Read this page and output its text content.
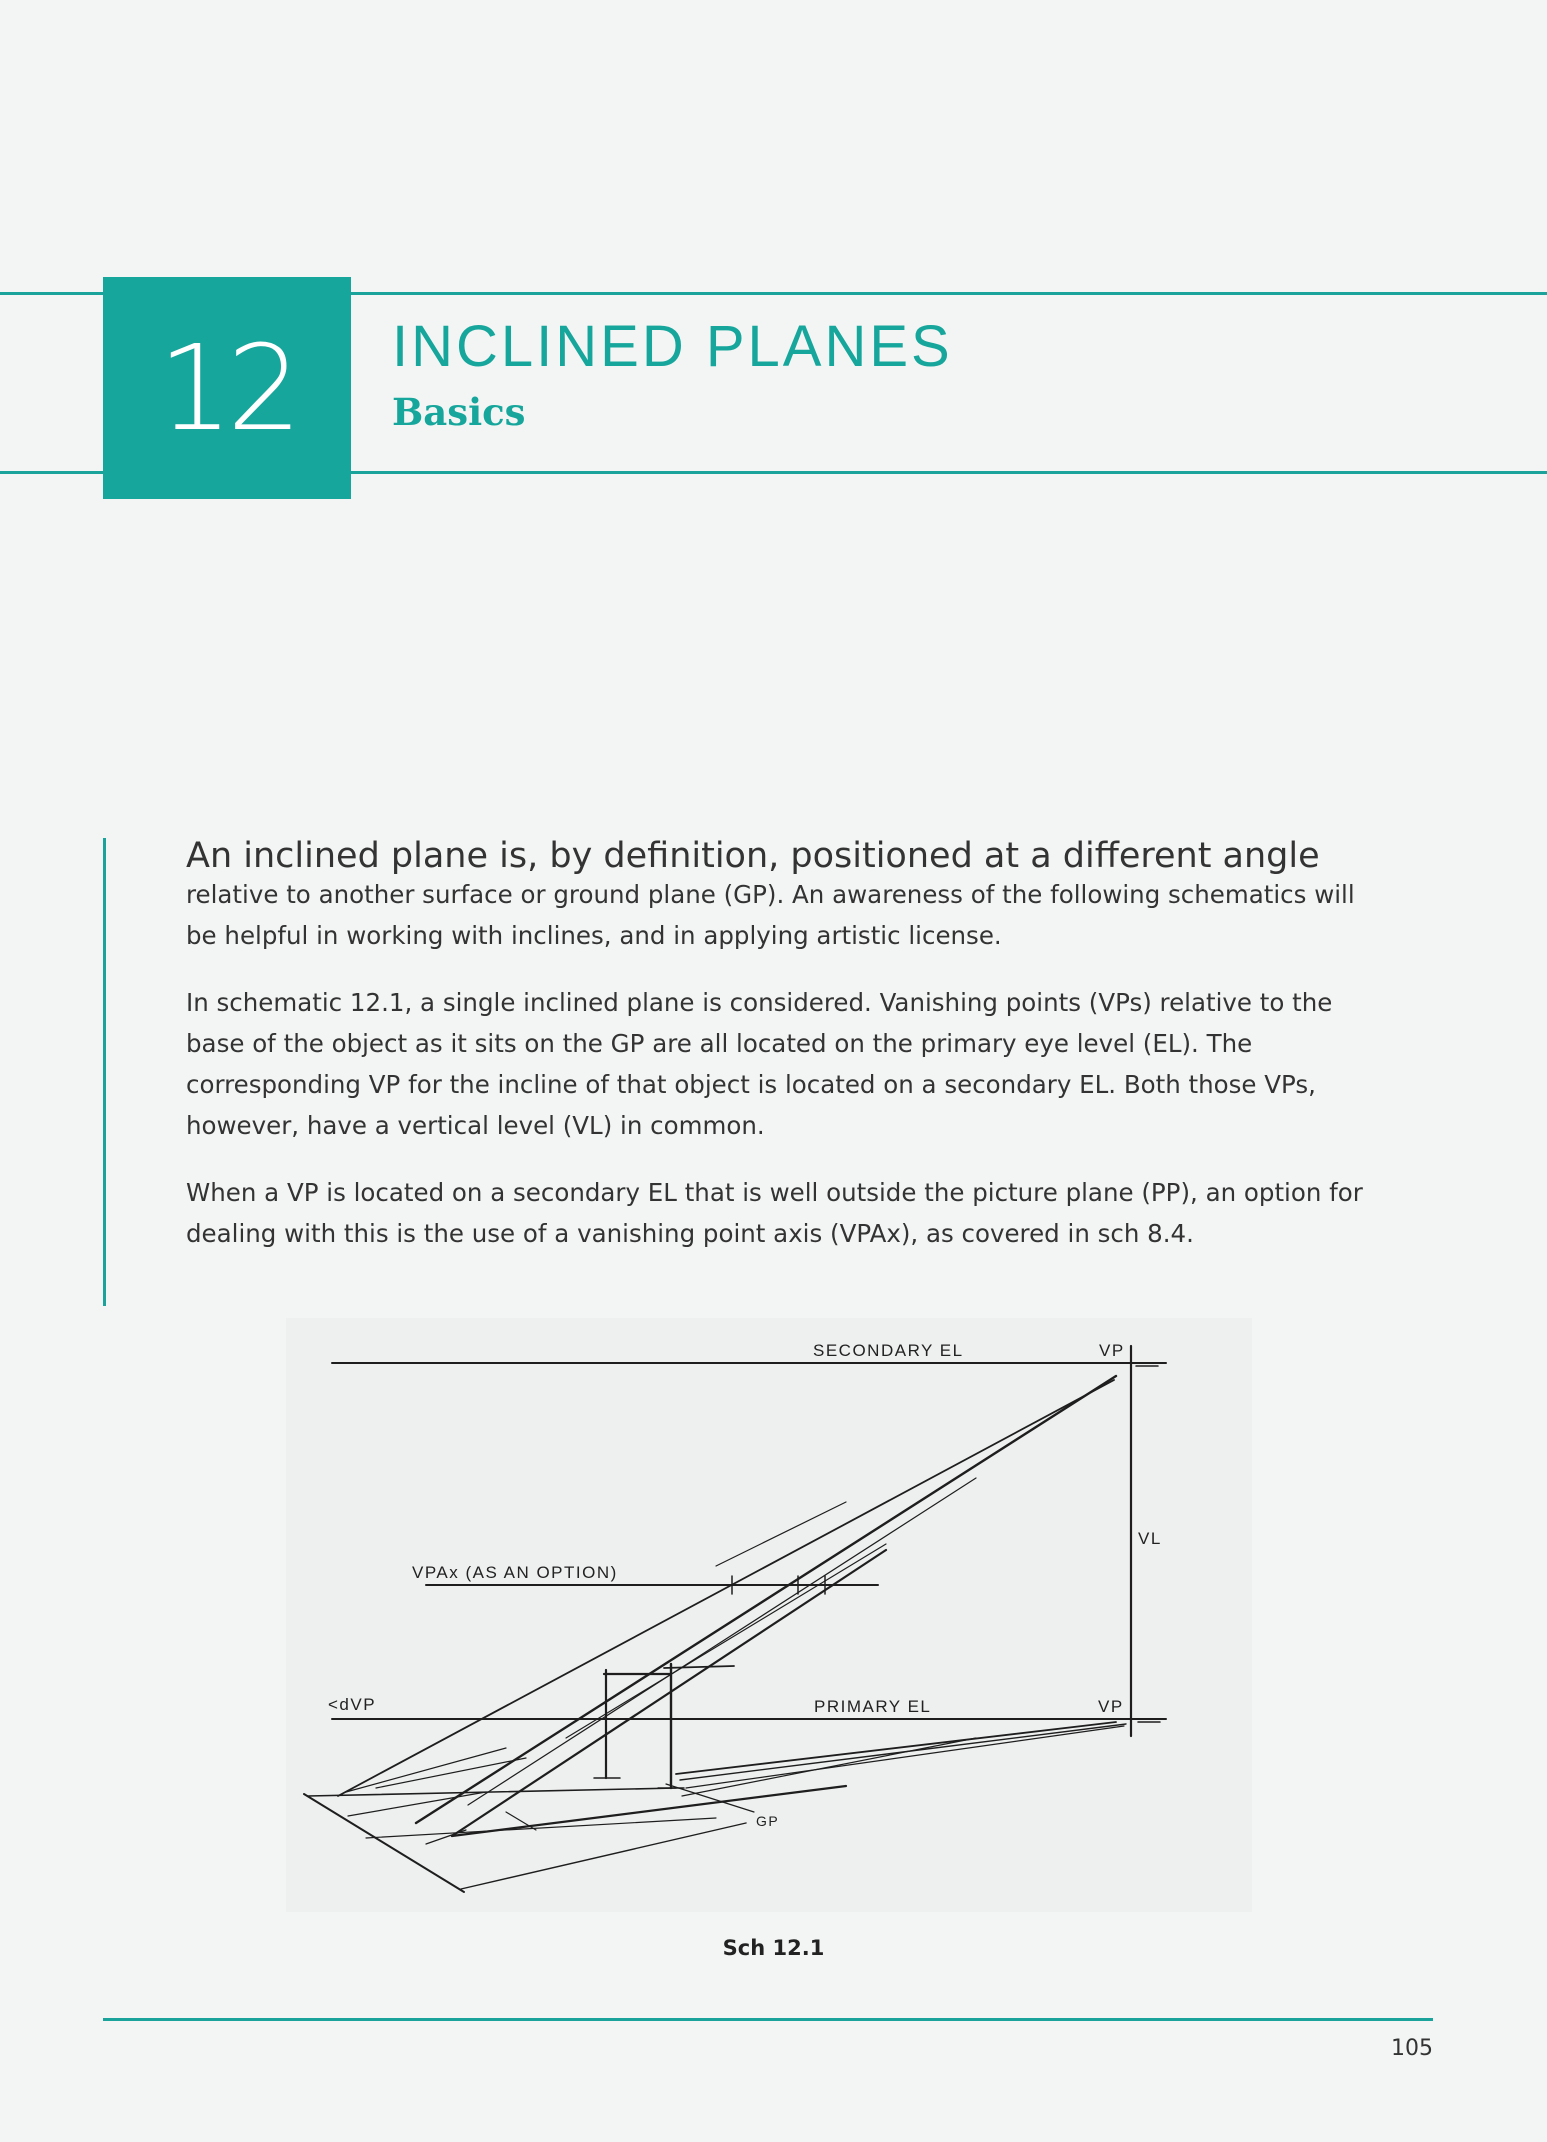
12 INCLINED PLANES
Basics

An inclined plane is, by definition, positioned at a different angle

relative to another surface or ground plane (GP). An awareness of the following schematics will be helpful in working with inclines, and in applying artistic license.

In schematic 12.1, a single inclined plane is considered. Vanishing points (VPs) relative to the base of the object as it sits on the GP are all located on the primary eye level (EL). The corresponding VP for the incline of that object is located on a secondary EL. Both those VPs, however, have a vertical level (VL) in common.

When a VP is located on a secondary EL that is well outside the picture plane (PP), an option for dealing with this is the use of a vanishing point axis (VPAx), as covered in sch 8.4.

SECONDARY EL	VP
VL
VPAx (AS AN OPTION)
<dVP	PRIMARY EL	VP
GP
Sch 12.1
105
